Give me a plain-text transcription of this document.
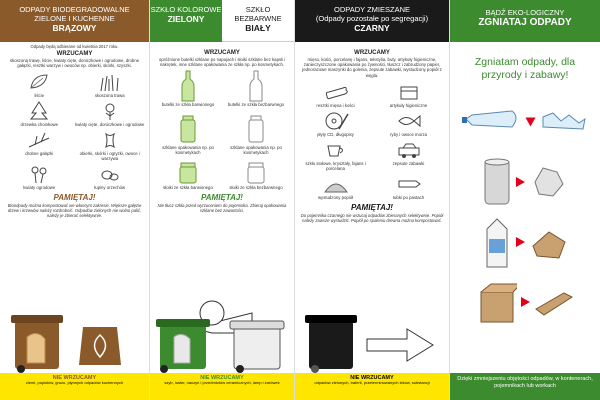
ODPADY BIODEGRADOWALNE
ZIELONE I KUCHENNE
BRĄZOWY
Odpady będą odbierane od kwietnia 2017 roku.
WRZUCAMY
skoszoną trawę, liście, kwiaty cięte, doniczkowe i ogrodowe, drobne gałązki, resztki warzyw i owoców np. obierki, skórki, szyszki.
liście	skoszona trawa
drzewka choinkowe	kwiaty cięte, doniczkowe i ogrodowe
drobne gałązki	obierki, skórki i ogryzki, owoce i warzywa
kwiaty ogrodowe	łupiny orzechów
PAMIĘTAJ!
Bioodpady można kompostować we własnym zakresie. Większe gałęzie drzew i krzewów należy rozdrobnić. Odpadów zielonych nie wolno palić, należy je zbierać selektywnie.
NIE WRZUCAMY
ziemi, popiołów, gruzu, płynnych odpadów kuchennych
SZKŁO KOLOROWE
ZIELONY
SZKŁO BEZBARWNE
BIAŁY
WRZUCAMY
opróżnione butelki szklane po napojach i słoiki szklane bez kapsli i nakrętek, inne szklane opakowania ze szkła np. po kosmetykach.
butelki ze szkła barwionego	butelki ze szkła bezbarwnego
szklane opakowania np. po kosmetykach
szklane opakowania np. po kosmetykach
słoiki ze szkła barwionego	słoiki ze szkła bezbarwnego
PAMIĘTAJ!
Nie tłucz szkła przed wyrzuceniem do pojemnika. Zbieraj opakowania szklane bez zawartości.
NIE WRZUCAMY
szyb, luster, naczyń i przedmiotów ceramicznych, lamp i żarówek
ODPADY ZMIESZANE
(Odpady pozostałe po segregacji)
CZARNY
WRZUCAMY
mięso, kości, porcelanę i fajans, tekstylia, buty, artykuły higieniczne, zanieczyszczone opakowania po żywności, tłuszcz i zabrudzony papier, jednorazowe maszynki do golenia, zepsute zabawki, wystudzony popiół z węgla.
resztki mięsa i kości	artykuły higieniczne
płyty CD, długopisy	ryby i owoce morza
szkło stołowe, kryształy, fajans i porcelana
zepsute zabawki
wystudzony popiół	tubki po pastach
PAMIĘTAJ!
Do pojemnika czarnego nie wrzucaj odpadów zbieranych selektywnie. Popiół należy zawsze wystudzić. Popiół po spaleniu drewna można kompostować.
NIE WRZUCAMY
odpadów zielonych, baterii, przeterminowanych leków, substancji
BĄDŹ EKO-LOGICZNY
ZGNIATAJ ODPADY
Zgniatam odpady, dla przyrody i zabawy!
Dzięki zmniejszeniu objętości odpadów, w kontenerach, pojemnikach lub workach
